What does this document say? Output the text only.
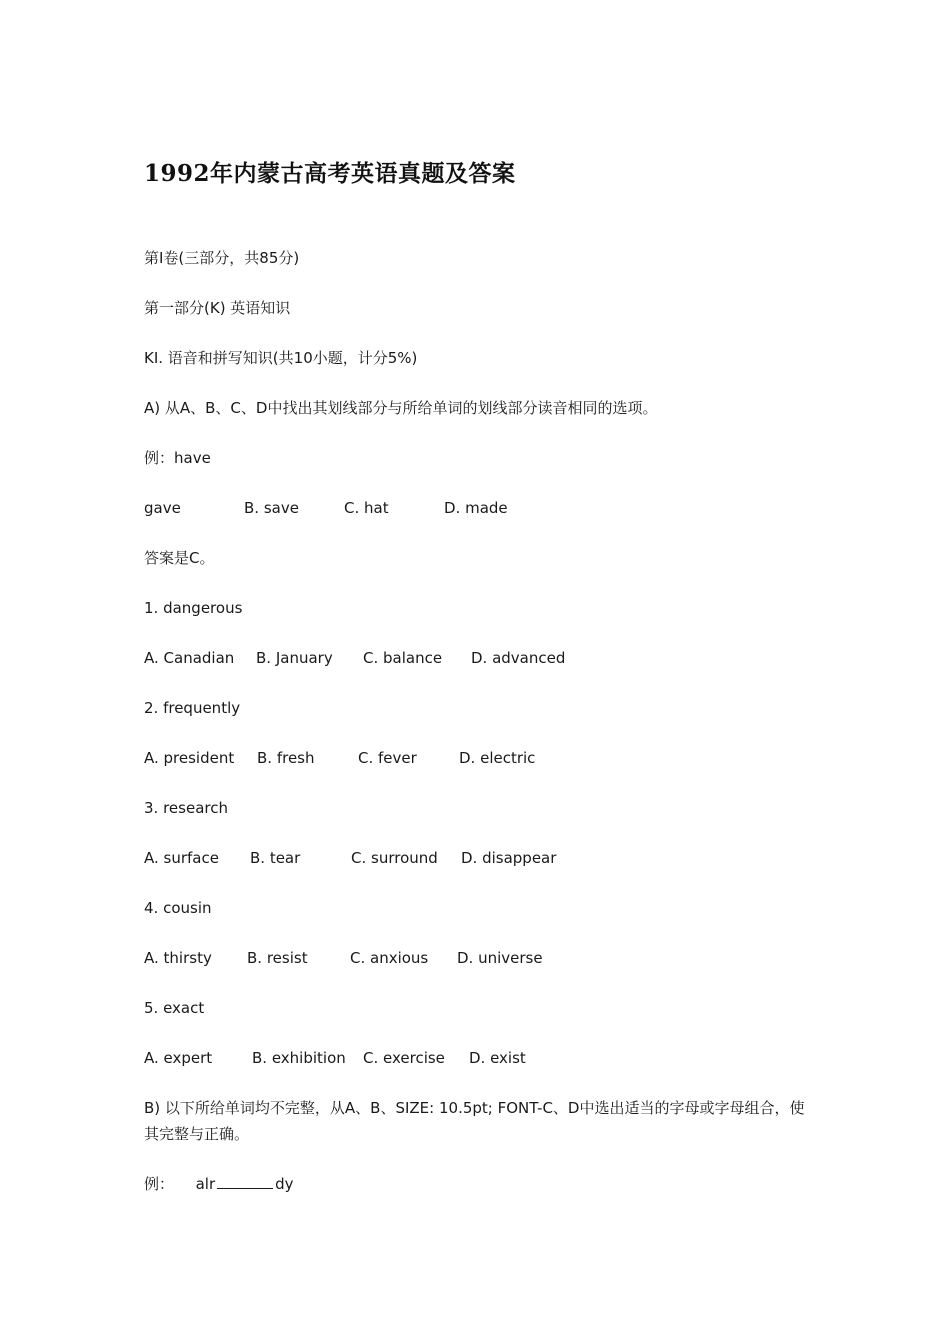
1992年内蒙古高考英语真题及答案
第I卷(三部分，共85分)
第一部分(K) 英语知识
KI. 语音和拼写知识(共10小题，计分5%)
A) 从A、B、C、D中找出其划线部分与所给单词的划线部分读音相同的选项。
例：have
gave	B. save	C. hat	D. made
答案是C。
1. dangerous
A. Canadian B. January C. balance D. advanced
2. frequently
A. president B. fresh	C. fever	D. electric
3. research
A. surface B. tear	C. surround D. disappear
4. cousin
A. thirsty B. resist	C. anxious D. universe
5. exact
A. expert	B. exhibition C. exercise D. exist
B) 以下所给单词均不完整，从A、B、SIZE: 10.5pt; FONT-C、D中选出适当的字母或字母组合，使其完整与正确。
例： alr	dy
